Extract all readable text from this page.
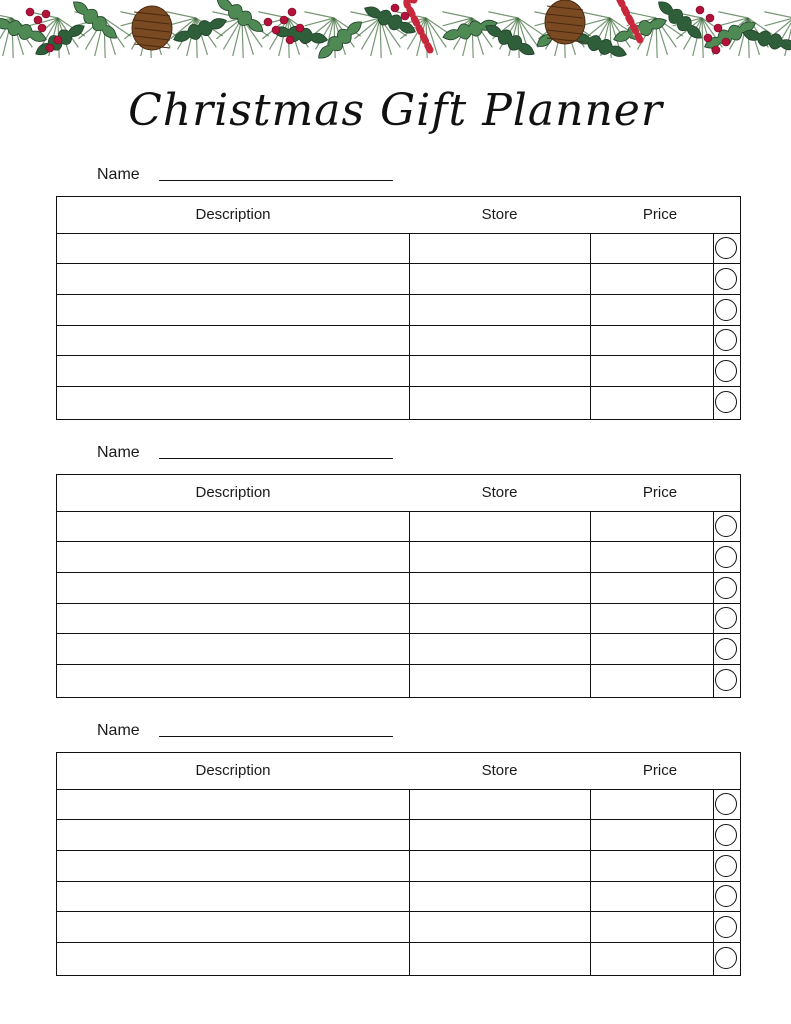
Christmas Gift Planner
Name
Description	Store	Price
Name
Description	Store	Price
Name
Description	Store	Price
